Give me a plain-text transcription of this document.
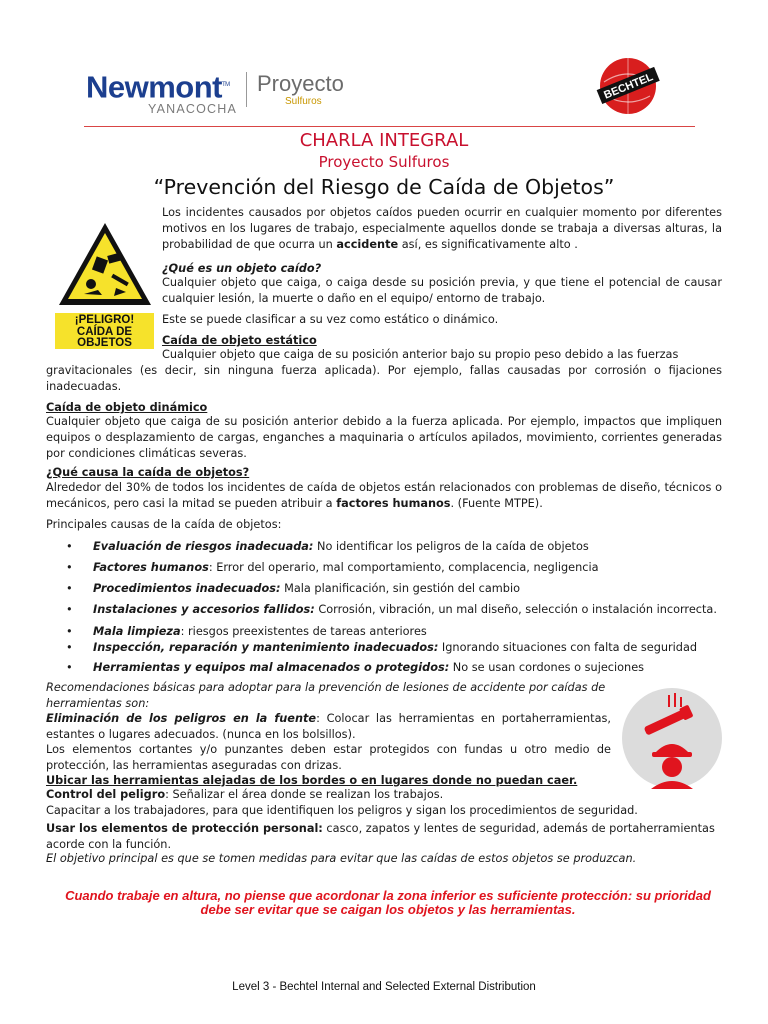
Newmont™
YANACOCHA
Proyecto
Sulfuros	BECHTEL
CHARLA INTEGRAL
Proyecto Sulfuros
“Prevención del Riesgo de Caída de Objetos”
¡PELIGRO!
CAÍDA DE
OBJETOS
Los incidentes causados por objetos caídos pueden ocurrir en cualquier momento por diferentes motivos en los lugares de trabajo, especialmente aquellos donde se trabaja a diversas alturas, la probabilidad de que ocurra un accidente así, es significativamente alto .
¿Qué es un objeto caído?
Cualquier objeto que caiga, o caiga desde su posición previa, y que tiene el potencial de causar cualquier lesión, la muerte o daño en el equipo/ entorno de trabajo.
Este se puede clasificar a su vez como estático o dinámico.
Caída de objeto estático
Cualquier objeto que caiga de su posición anterior bajo su propio peso debido a las fuerzas
gravitacionales (es decir, sin ninguna fuerza aplicada). Por ejemplo, fallas causadas por corrosión o fijaciones inadecuadas.
Caída de objeto dinámico
Cualquier objeto que caiga de su posición anterior debido a la fuerza aplicada. Por ejemplo, impactos que impliquen equipos o desplazamiento de cargas, enganches a maquinaria o artículos apilados, movimiento, corrientes generadas por condiciones climáticas severas.
¿Qué causa la caída de objetos?
Alrededor del 30% de todos los incidentes de caída de objetos están relacionados con problemas de diseño, técnicos o mecánicos, pero casi la mitad se pueden atribuir a factores humanos. (Fuente MTPE).
Principales causas de la caída de objetos:
•	Evaluación de riesgos inadecuada: No identificar los peligros de la caída de objetos
•	Factores humanos: Error del operario, mal comportamiento, complacencia, negligencia
•	Procedimientos inadecuados: Mala planificación, sin gestión del cambio
•	Instalaciones y accesorios fallidos: Corrosión, vibración, un mal diseño, selección o instalación incorrecta.
•	Mala limpieza: riesgos preexistentes de tareas anteriores
•	Inspección, reparación y mantenimiento inadecuados: Ignorando situaciones con falta de seguridad
•	Herramientas y equipos mal almacenados o protegidos: No se usan cordones o sujeciones
Recomendaciones básicas para adoptar para la prevención de lesiones de accidente por caídas de herramientas son:
Eliminación de los peligros en la fuente: Colocar las herramientas en portaherramientas, estantes o lugares adecuados. (nunca en los bolsillos).
Los elementos cortantes y/o punzantes deben estar protegidos con fundas u otro medio de protección, las herramientas aseguradas con drizas.
Ubicar las herramientas alejadas de los bordes o en lugares donde no puedan caer.
Control del peligro: Señalizar el área donde se realizan los trabajos.
Capacitar a los trabajadores, para que identifiquen los peligros y sigan los procedimientos de seguridad.
Usar los elementos de protección personal: casco, zapatos y lentes de seguridad, además de portaherramientas acorde con la función.
El objetivo principal es que se tomen medidas para evitar que las caídas de estos objetos se produzcan.
Cuando trabaje en altura, no piense que acordonar la zona inferior es suficiente protección: su prioridad debe ser evitar que se caigan los objetos y las herramientas.
Level 3 - Bechtel Internal and Selected External Distribution
